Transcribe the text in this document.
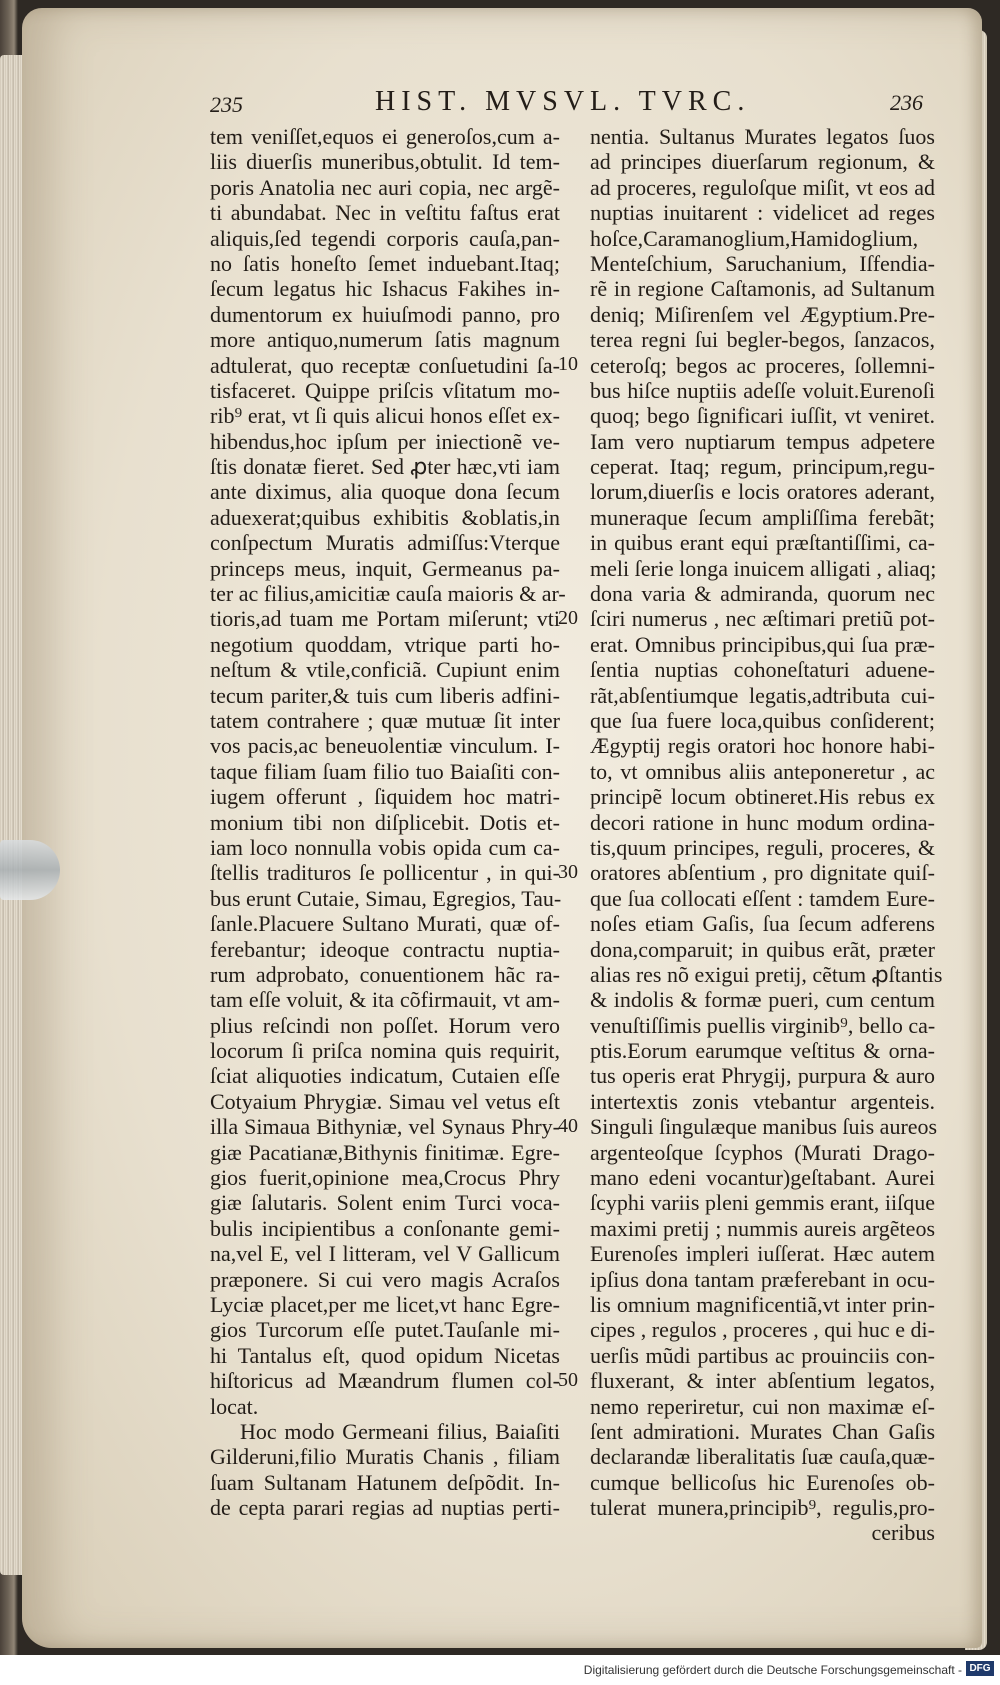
235	HIST. MVSVL. TVRC.	236
tem veniſſet,equos ei generoſos,cum a-
liis diuerſis muneribus,obtulit. Id tem-
poris Anatolia nec auri copia, nec argẽ-
ti abundabat. Nec in veſtitu faſtus erat
aliquis,ſed tegendi corporis cauſa,pan-
no ſatis honeſto ſemet induebant.Itaq;
ſecum legatus hic Ishacus Fakihes in-
dumentorum ex huiuſmodi panno, pro
more antiquo,numerum ſatis magnum
adtulerat, quo receptæ conſuetudini ſa-
tisfaceret. Quippe priſcis vſitatum mo-
rib⁹ erat, vt ſi quis alicui honos eſſet ex-
hibendus,hoc ipſum per iniectionẽ ve-
ſtis donatæ fieret. Sed ꝓter hæc,vti iam
ante diximus, alia quoque dona ſecum
aduexerat;quibus exhibitis &oblatis,in
conſpectum Muratis admiſſus:Vterque
princeps meus, inquit, Germeanus pa-
ter ac filius,amicitiæ cauſa maioris & ar-
tioris,ad tuam me Portam miſerunt; vti
negotium quoddam, vtrique parti ho-
neſtum & vtile,conficiã. Cupiunt enim
tecum pariter,& tuis cum liberis adfini-
tatem contrahere ; quæ mutuæ ſit inter
vos pacis,ac beneuolentiæ vinculum. I-
taque filiam ſuam filio tuo Baiaſiti con-
iugem offerunt , ſiquidem hoc matri-
monium tibi non diſplicebit. Dotis et-
iam loco nonnulla vobis opida cum ca-
ſtellis tradituros ſe pollicentur , in qui-
bus erunt Cutaie, Simau, Egregios, Tau-
ſanle.Placuere Sultano Murati, quæ of-
ferebantur; ideoque contractu nuptia-
rum adprobato, conuentionem hãc ra-
tam eſſe voluit, & ita cõfirmauit, vt am-
plius reſcindi non poſſet. Horum vero
locorum ſi priſca nomina quis requirit,
ſciat aliquoties indicatum, Cutaien eſſe
Cotyaium Phrygiæ. Simau vel vetus eſt
illa Simaua Bithyniæ, vel Synaus Phry-
giæ Pacatianæ,Bithynis finitimæ. Egre-
gios fuerit,opinione mea,Crocus Phry
giæ ſalutaris. Solent enim Turci voca-
bulis incipientibus a conſonante gemi-
na,vel E, vel I litteram, vel V Gallicum
præponere. Si cui vero magis Acraſos
Lyciæ placet,per me licet,vt hanc Egre-
gios Turcorum eſſe putet.Tauſanle mi-
hi Tantalus eſt, quod opidum Nicetas
hiſtoricus ad Mæandrum flumen col-
locat.
Hoc modo Germeani filius, Baiaſiti
Gilderuni,filio Muratis Chanis , filiam
ſuam Sultanam Hatunem deſpõdit. In-
de cepta parari regias ad nuptias perti-
nentia. Sultanus Murates legatos ſuos
ad principes diuerſarum regionum, &
ad proceres, reguloſque miſit, vt eos ad
nuptias inuitarent : videlicet ad reges
hoſce,Caramanoglium,Hamidoglium,
Menteſchium, Saruchanium, Iſfendia-
rẽ in regione Caſtamonis, ad Sultanum
deniq; Miſirenſem vel Ægyptium.Pre-
terea regni ſui begler-begos, ſanzacos,
ceteroſq; begos ac proceres, ſollemni-
bus hiſce nuptiis adeſſe voluit.Eurenoſi
quoq; bego ſignificari iuſſit, vt veniret.
Iam vero nuptiarum tempus adpetere
ceperat. Itaq; regum, principum,regu-
lorum,diuerſis e locis oratores aderant,
muneraque ſecum ampliſſima ferebãt;
in quibus erant equi præſtantiſſimi, ca-
meli ſerie longa inuicem alligati , aliaq;
dona varia & admiranda, quorum nec
ſciri numerus , nec æſtimari pretiũ pot-
erat. Omnibus principibus,qui ſua præ-
ſentia nuptias cohoneſtaturi aduene-
rãt,abſentiumque legatis,adtributa cui-
que ſua fuere loca,quibus conſiderent;
Ægyptij regis oratori hoc honore habi-
to, vt omnibus aliis anteponeretur , ac
principẽ locum obtineret.His rebus ex
decori ratione in hunc modum ordina-
tis,quum principes, reguli, proceres, &
oratores abſentium , pro dignitate quiſ-
que ſua collocati eſſent : tamdem Eure-
noſes etiam Gaſis, ſua ſecum adferens
dona,comparuit; in quibus erãt, præter
alias res nõ exigui pretij, cẽtum ꝓſtantis
& indolis & formæ pueri, cum centum
venuſtiſſimis puellis virginib⁹, bello ca-
ptis.Eorum earumque veſtitus & orna-
tus operis erat Phrygij, purpura & auro
intertextis zonis vtebantur argenteis.
Singuli ſingulæque manibus ſuis aureos
argenteoſque ſcyphos (Murati Drago-
mano edeni vocantur)geſtabant. Aurei
ſcyphi variis pleni gemmis erant, iiſque
maximi pretij ; nummis aureis argẽteos
Eurenoſes impleri iuſſerat. Hæc autem
ipſius dona tantam præferebant in ocu-
lis omnium magnificentiã,vt inter prin-
cipes , regulos , proceres , qui huc e di-
uerſis mũdi partibus ac prouinciis con-
fluxerant, & inter abſentium legatos,
nemo reperiretur, cui non maximæ eſ-
ſent admirationi. Murates Chan Gaſis
declarandæ liberalitatis ſuæ cauſa,quæ-
cumque bellicoſus hic Eurenoſes ob-
tulerat munera,principib⁹, regulis,pro-
ceribus
10
20
30
40
50
Digitalisierung gefördert durch die Deutsche Forschungsgemeinschaft - DFG
